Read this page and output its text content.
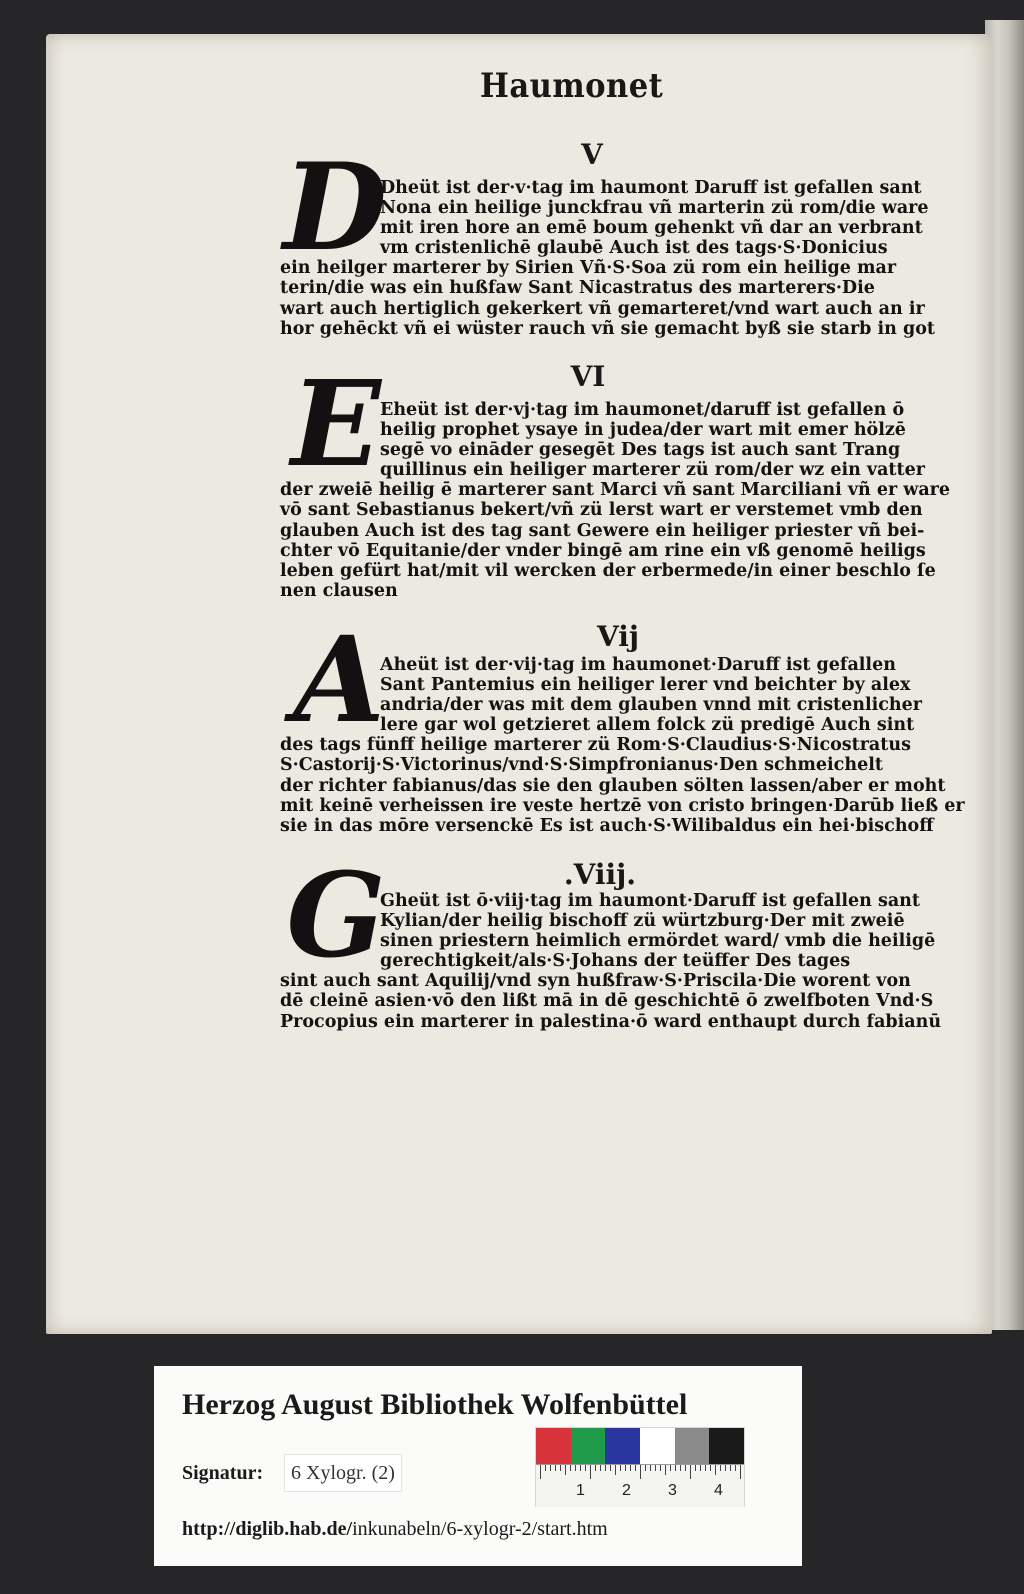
Haumonet
V
D
Dheüt ist der·v·tag im haumont Daruff ist gefallen sant
Nona ein heilige junckfrau vñ marterin zü rom/die ware
mit iren hore an emē boum gehenkt vñ dar an verbrant
vm cristenlichē glaubē Auch ist des tags·S·Donicius
ein heilger marterer by Sirien Vñ·S·Soa zü rom ein heilige mar
terin/die was ein hußfaw Sant Nicastratus des marterers·Die
wart auch hertiglich gekerkert vñ gemarteret/vnd wart auch an ir
hor gehēckt vñ ei wüster rauch vñ sie gemacht byß sie starb in got
VI
E Eheüt ist der·vj·tag im haumonet/daruff ist gefallen ō
heilig prophet ysaye in judea/der wart mit emer hölzē
segē vo eināder gesegēt Des tags ist auch sant Trang
quillinus ein heiliger marterer zü rom/der wz ein vatter
der zweiē heilig ē marterer sant Marci vñ sant Marciliani vñ er ware
vō sant Sebastianus bekert/vñ zü lerst wart er verstemet vmb den
glauben Auch ist des tag sant Gewere ein heiliger priester vñ bei-
chter vō Equitanie/der vnder bingē am rine ein vß genomē heiligs
leben gefürt hat/mit vil wercken der erbermede/in einer beschlo ſe
nen clausen
Vij
A
Aheüt ist der·vij·tag im haumonet·Daruff ist gefallen
Sant Pantemius ein heiliger lerer vnd beichter by alex
andria/der was mit dem glauben vnnd mit cristenlicher
lere gar wol getzieret allem folck zü predigē Auch sint
des tags fünff heilige marterer zü Rom·S·Claudius·S·Nicostratus
S·Castorij·S·Victorinus/vnd·S·Simpfronianus·Den schmeichelt
der richter fabianus/das sie den glauben sölten lassen/aber er moht
mit keinē verheissen ire veste hertzē von cristo bringen·Darūb ließ er
sie in das mōre versenckē Es ist auch·S·Wilibaldus ein hei·bischoff
.Viij.
G
Gheüt ist ō·viij·tag im haumont·Daruff ist gefallen sant
Kylian/der heilig bischoff zü würtzburg·Der mit zweiē
sinen priestern heimlich ermördet ward/ vmb die heiligē
gerechtigkeit/als·S·Johans der teüffer Des tages
sint auch sant Aquilij/vnd syn hußfraw·S·Priscila·Die worent von
dē cleinē asien·vō den lißt mā in dē geschichtē ō zwelfboten Vnd·S
Procopius ein marterer in palestina·ō ward enthaupt durch fabianū
Herzog August Bibliothek Wolfenbüttel
Signatur:	6 Xylogr. (2)
http://diglib.hab.de/inkunabeln/6-xylogr-2/start.htm
1 2 3 4
